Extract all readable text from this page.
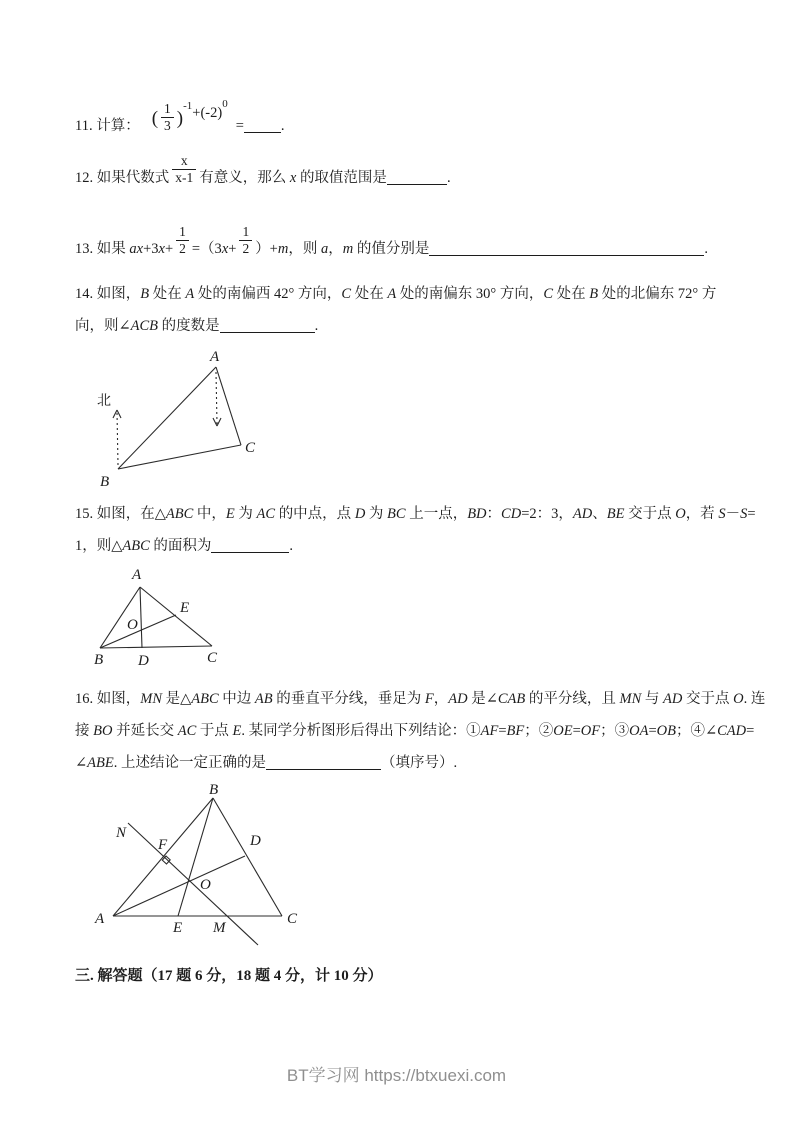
11. 计算： ( $\frac{1}{3} )^{-1}+(-2)^0=$	.
12. 如果代数式 $\frac{x}{x-1}$ 有意义，那么 x 的取值范围是	.
13. 如果 $ax+3x+ \frac{1}{2} =(3x+ \frac{1}{2} )+m$，则 a，m 的值分别是	.
14. 如图，B 处在 A 处的南偏西 42° 方向，C 处在 A 处的南偏东 30° 方向，C 处在 B 处的北偏东 72° 方
向，则∠ACB 的度数是	.
北
A
B
C
15. 如图，在△ABC 中，E 为 AC 的中点，点 D 为 BC 上一点，BD：CD=2：3，AD、BE 交于点 O，若 S－S=
1，则△ABC 的面积为	.
A
E
O
B D	C
16. 如图，MN 是△ABC 中边 AB 的垂直平分线，垂足为 F，AD 是∠CAB 的平分线，且 MN 与 AD 交于点 O. 连
接 BO 并延长交 AC 于点 E. 某同学分析图形后得出下列结论：①AF=BF；②OE=OF；③OA=OB；④∠CAD=
∠ABE. 上述结论一定正确的是	（填序号）.
B
N
F	D
O
A
E M
C
三. 解答题（17 题 6 分，18 题 4 分，计 10 分）
BT学习网 https://btxuexi.com
